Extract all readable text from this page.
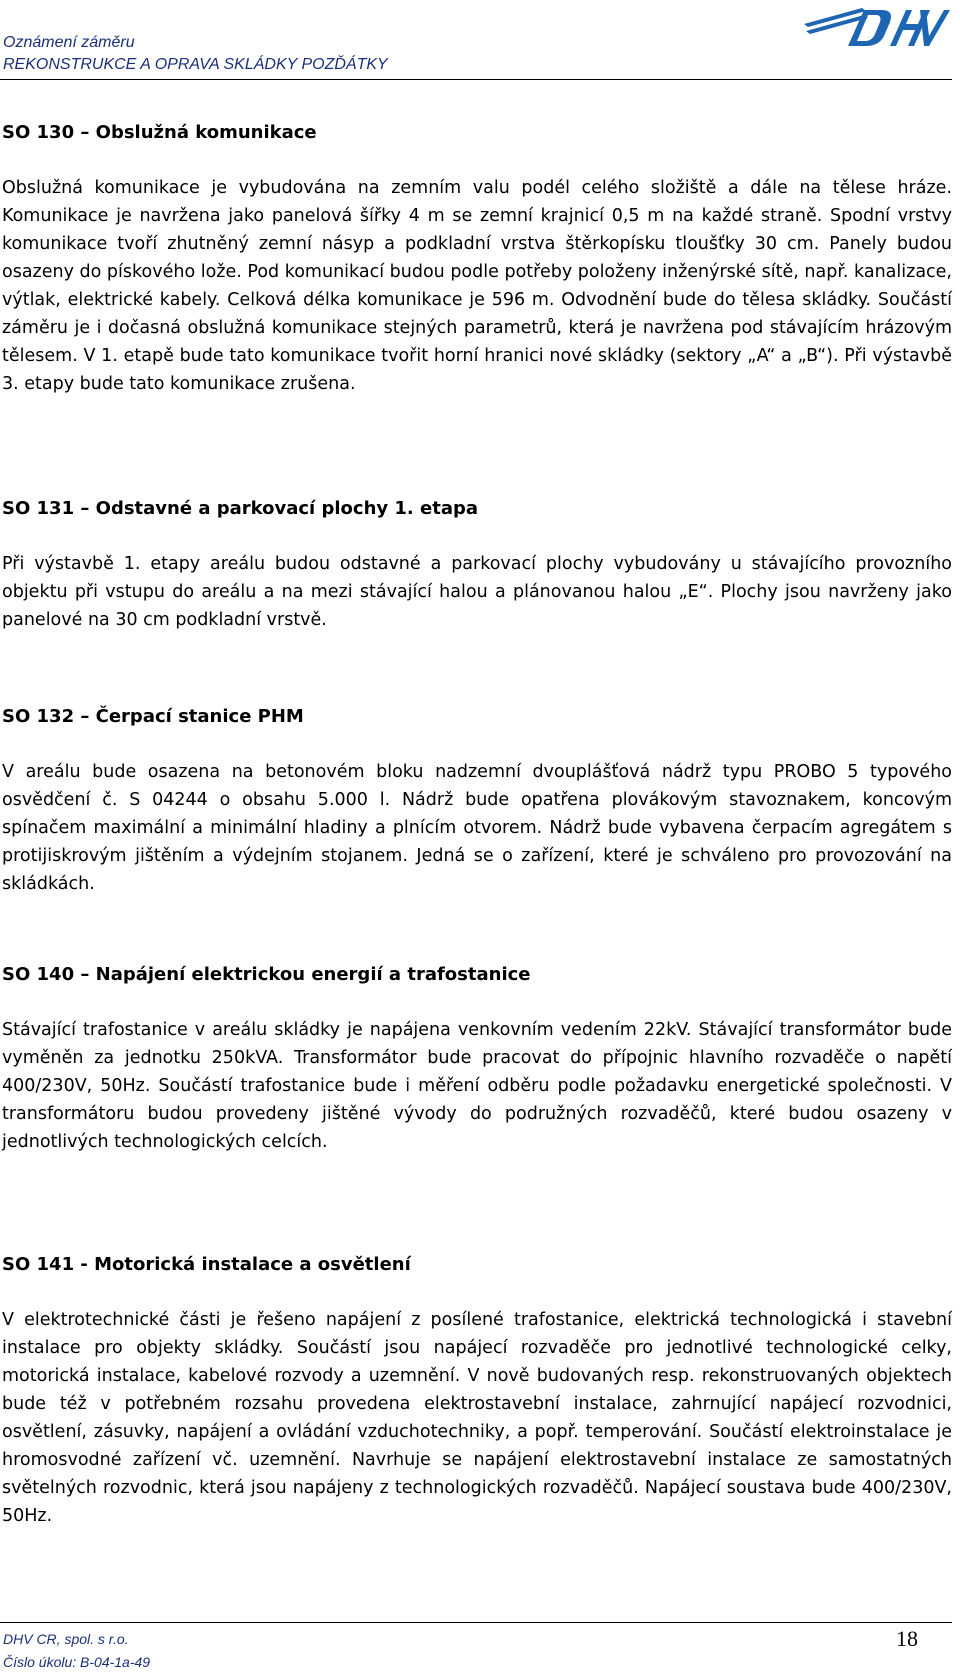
Oznámení záměru
REKONSTRUKCE A OPRAVA SKLÁDKY POZĎÁTKY
SO 130 – Obslužná komunikace

Obslužná komunikace je vybudována na zemním valu podél celého složiště a dále na tělese hráze. Komunikace je navržena jako panelová šířky 4 m se zemní krajnicí 0,5 m na každé straně. Spodní vrstvy komunikace tvoří zhutněný zemní násyp a podkladní vrstva štěrkopísku tloušťky 30 cm. Panely budou osazeny do pískového lože. Pod komunikací budou podle potřeby položeny inženýrské sítě, např. kanalizace, výtlak, elektrické kabely. Celková délka komunikace je 596 m. Odvodnění bude do tělesa skládky. Součástí záměru je i dočasná obslužná komunikace stejných parametrů, která je navržena pod stávajícím hrázovým tělesem. V 1. etapě bude tato komunikace tvořit horní hranici nové skládky (sektory „A“ a „B“). Při výstavbě 3. etapy bude tato komunikace zrušena.

SO 131 – Odstavné a parkovací plochy 1. etapa

Při výstavbě 1. etapy areálu budou odstavné a parkovací plochy vybudovány u stávajícího provozního objektu při vstupu do areálu a na mezi stávající halou a plánovanou halou „E“. Plochy jsou navrženy jako panelové na 30 cm podkladní vrstvě.

SO 132 – Čerpací stanice PHM

V areálu bude osazena na betonovém bloku nadzemní dvouplášťová nádrž typu PROBO 5 typového osvědčení č. S 04244 o obsahu 5.000 l. Nádrž bude opatřena plovákovým stavoznakem, koncovým spínačem maximální a minimální hladiny a plnícím otvorem. Nádrž bude vybavena čerpacím agregátem s protijiskrovým jištěním a výdejním stojanem. Jedná se o zařízení, které je schváleno pro provozování na skládkách.

SO 140 – Napájení elektrickou energií a trafostanice

Stávající trafostanice v areálu skládky je napájena venkovním vedením 22kV. Stávající transformátor bude vyměněn za jednotku 250kVA. Transformátor bude pracovat do přípojnic hlavního rozvaděče o napětí 400/230V, 50Hz. Součástí trafostanice bude i měření odběru podle požadavku energetické společnosti. V transformátoru budou provedeny jištěné vývody do podružných rozvaděčů, které budou osazeny v jednotlivých technologických celcích.

SO 141 - Motorická instalace a osvětlení

V elektrotechnické části je řešeno napájení z posílené trafostanice, elektrická technologická i stavební instalace pro objekty skládky. Součástí jsou napájecí rozvaděče pro jednotlivé technologické celky, motorická instalace, kabelové rozvody a uzemnění. V nově budovaných resp. rekonstruovaných objektech bude též v potřebném rozsahu provedena elektrostavební instalace, zahrnující napájecí rozvodnici, osvětlení, zásuvky, napájení a ovládání vzduchotechniky, a popř. temperování. Součástí elektroinstalace je hromosvodné zařízení vč. uzemnění. Navrhuje se napájení elektrostavební instalace ze samostatných světelných rozvodnic, která jsou napájeny z technologických rozvaděčů. Napájecí soustava bude 400/230V, 50Hz.

DHV CR, spol. s r.o.
Číslo úkolu: B-04-1a-49
18
